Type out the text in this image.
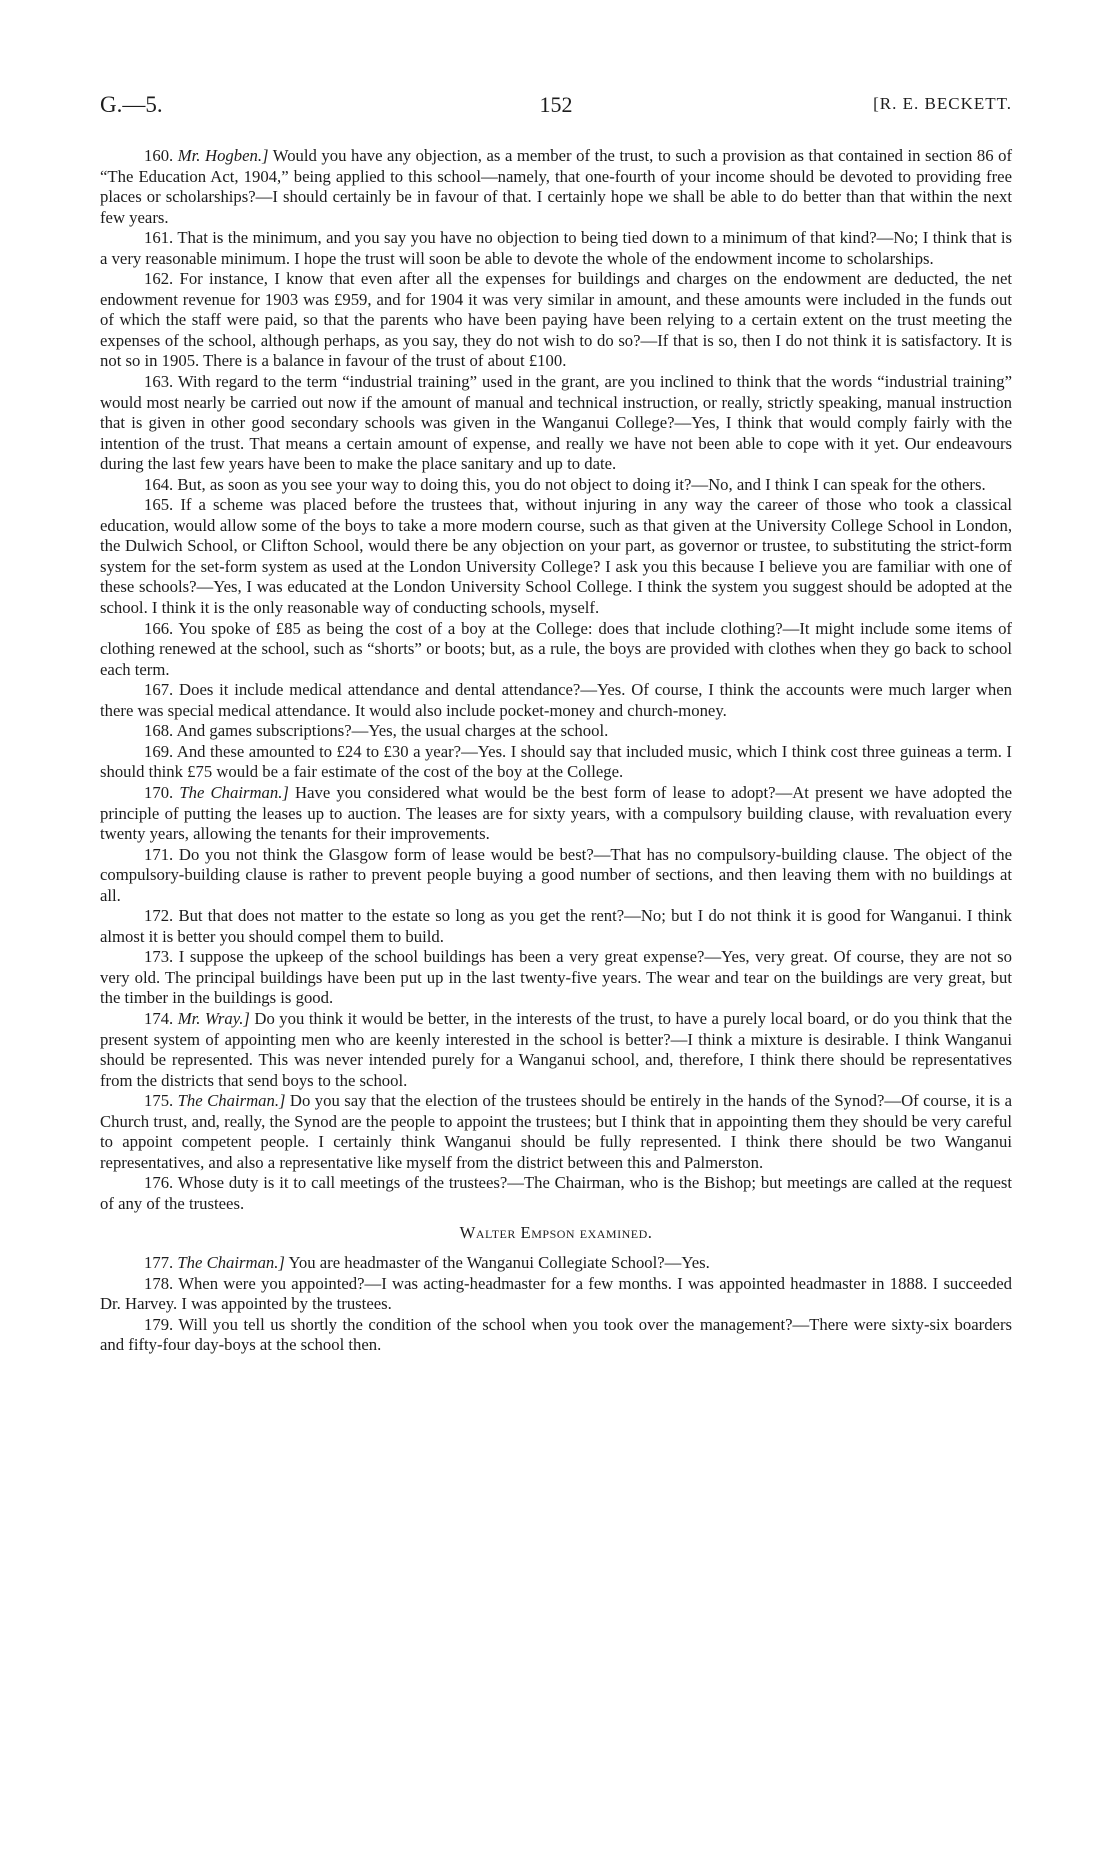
G.—5.	152	[R. E. BECKETT.

160. Mr. Hogben.] Would you have any objection, as a member of the trust, to such a provision as that contained in section 86 of “The Education Act, 1904,” being applied to this school—namely, that one-fourth of your income should be devoted to providing free places or scholarships?—I should certainly be in favour of that. I certainly hope we shall be able to do better than that within the next few years.

161. That is the minimum, and you say you have no objection to being tied down to a minimum of that kind?—No; I think that is a very reasonable minimum. I hope the trust will soon be able to devote the whole of the endowment income to scholarships.

162. For instance, I know that even after all the expenses for buildings and charges on the endowment are deducted, the net endowment revenue for 1903 was £959, and for 1904 it was very similar in amount, and these amounts were included in the funds out of which the staff were paid, so that the parents who have been paying have been relying to a certain extent on the trust meeting the expenses of the school, although perhaps, as you say, they do not wish to do so?—If that is so, then I do not think it is satisfactory. It is not so in 1905. There is a balance in favour of the trust of about £100.

163. With regard to the term “industrial training” used in the grant, are you inclined to think that the words “industrial training” would most nearly be carried out now if the amount of manual and technical instruction, or really, strictly speaking, manual instruction that is given in other good secondary schools was given in the Wanganui College?—Yes, I think that would comply fairly with the intention of the trust. That means a certain amount of expense, and really we have not been able to cope with it yet. Our endeavours during the last few years have been to make the place sanitary and up to date.

164. But, as soon as you see your way to doing this, you do not object to doing it?—No, and I think I can speak for the others.

165. If a scheme was placed before the trustees that, without injuring in any way the career of those who took a classical education, would allow some of the boys to take a more modern course, such as that given at the University College School in London, the Dulwich School, or Clifton School, would there be any objection on your part, as governor or trustee, to substituting the strict-form system for the set-form system as used at the London University College? I ask you this because I believe you are familiar with one of these schools?—Yes, I was educated at the London University School College. I think the system you suggest should be adopted at the school. I think it is the only reasonable way of conducting schools, myself.

166. You spoke of £85 as being the cost of a boy at the College: does that include clothing?—It might include some items of clothing renewed at the school, such as “shorts” or boots; but, as a rule, the boys are provided with clothes when they go back to school each term.

167. Does it include medical attendance and dental attendance?—Yes. Of course, I think the accounts were much larger when there was special medical attendance. It would also include pocket-money and church-money.

168. And games subscriptions?—Yes, the usual charges at the school.

169. And these amounted to £24 to £30 a year?—Yes. I should say that included music, which I think cost three guineas a term. I should think £75 would be a fair estimate of the cost of the boy at the College.

170. The Chairman.] Have you considered what would be the best form of lease to adopt?—At present we have adopted the principle of putting the leases up to auction. The leases are for sixty years, with a compulsory building clause, with revaluation every twenty years, allowing the tenants for their improvements.

171. Do you not think the Glasgow form of lease would be best?—That has no compulsory-building clause. The object of the compulsory-building clause is rather to prevent people buying a good number of sections, and then leaving them with no buildings at all.

172. But that does not matter to the estate so long as you get the rent?—No; but I do not think it is good for Wanganui. I think almost it is better you should compel them to build.

173. I suppose the upkeep of the school buildings has been a very great expense?—Yes, very great. Of course, they are not so very old. The principal buildings have been put up in the last twenty-five years. The wear and tear on the buildings are very great, but the timber in the buildings is good.

174. Mr. Wray.] Do you think it would be better, in the interests of the trust, to have a purely local board, or do you think that the present system of appointing men who are keenly interested in the school is better?—I think a mixture is desirable. I think Wanganui should be represented. This was never intended purely for a Wanganui school, and, therefore, I think there should be representatives from the districts that send boys to the school.

175. The Chairman.] Do you say that the election of the trustees should be entirely in the hands of the Synod?—Of course, it is a Church trust, and, really, the Synod are the people to appoint the trustees; but I think that in appointing them they should be very careful to appoint competent people. I certainly think Wanganui should be fully represented. I think there should be two Wanganui representatives, and also a representative like myself from the district between this and Palmerston.

176. Whose duty is it to call meetings of the trustees?—The Chairman, who is the Bishop; but meetings are called at the request of any of the trustees.

Walter Empson examined.

177. The Chairman.] You are headmaster of the Wanganui Collegiate School?—Yes.

178. When were you appointed?—I was acting-headmaster for a few months. I was appointed headmaster in 1888. I succeeded Dr. Harvey. I was appointed by the trustees.

179. Will you tell us shortly the condition of the school when you took over the management?—There were sixty-six boarders and fifty-four day-boys at the school then.
